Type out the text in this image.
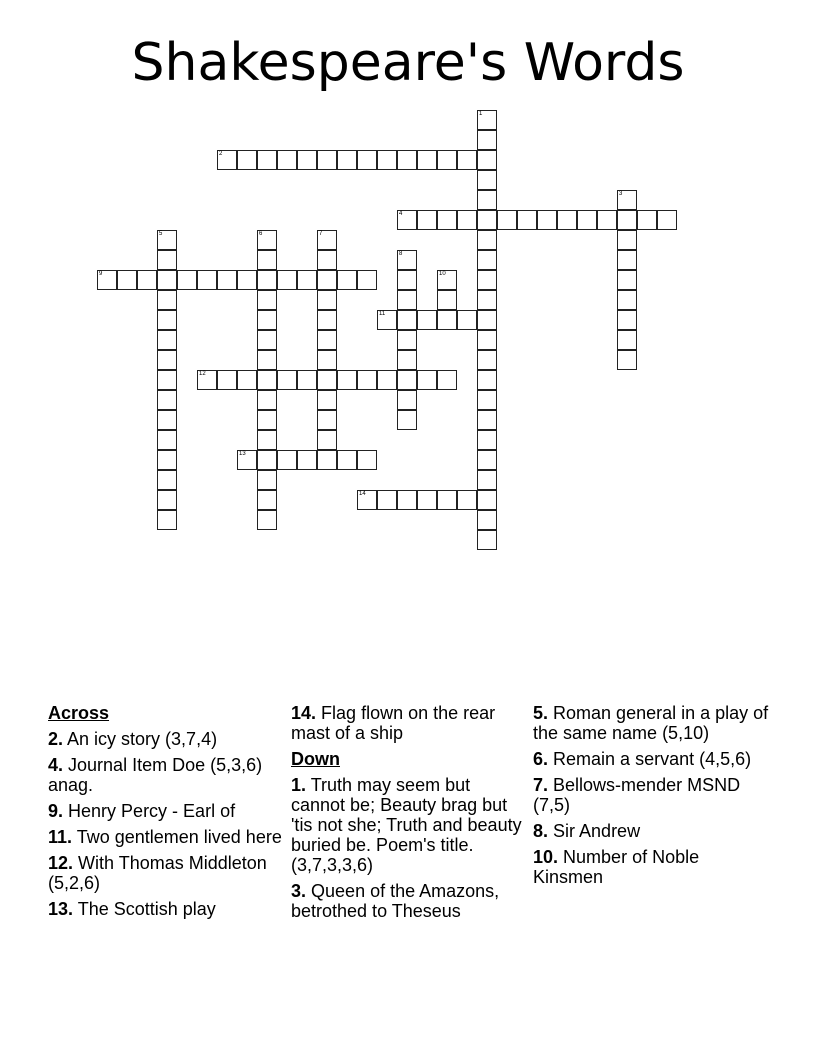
Shakespeare's Words
2
4
9
11
12
13
14
1
3
5	6	7
8
10
Across
2. An icy story (3,7,4)
4. Journal Item Doe (5,3,6) anag.
9. Henry Percy - Earl of
11. Two gentlemen lived here
12. With Thomas Middleton (5,2,6)
13. The Scottish play
14. Flag flown on the rear mast of a ship
Down
1. Truth may seem but cannot be; Beauty brag but 'tis not she; Truth and beauty buried be. Poem's title. (3,7,3,3,6)
3. Queen of the Amazons, betrothed to Theseus
5. Roman general in a play of the same name (5,10)
6. Remain a servant (4,5,6)
7. Bellows-mender MSND (7,5)
8. Sir Andrew
10. Number of Noble Kinsmen
